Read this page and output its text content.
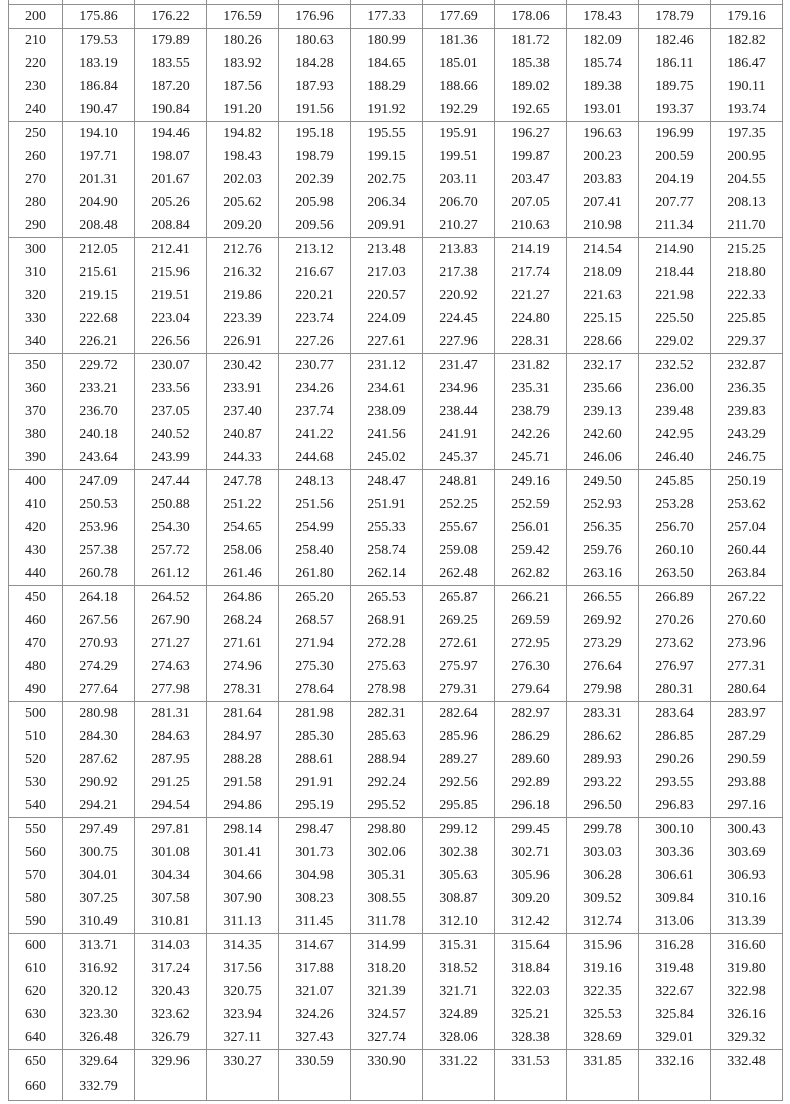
200	175.86	176.22	176.59	176.96	177.33	177.69	178.06	178.43	178.79	179.16
210	179.53	179.89	180.26	180.63	180.99	181.36	181.72	182.09	182.46	182.82
220	183.19	183.55	183.92	184.28	184.65	185.01	185.38	185.74	186.11	186.47
230	186.84	187.20	187.56	187.93	188.29	188.66	189.02	189.38	189.75	190.11
240	190.47	190.84	191.20	191.56	191.92	192.29	192.65	193.01	193.37	193.74
250	194.10	194.46	194.82	195.18	195.55	195.91	196.27	196.63	196.99	197.35
260	197.71	198.07	198.43	198.79	199.15	199.51	199.87	200.23	200.59	200.95
270	201.31	201.67	202.03	202.39	202.75	203.11	203.47	203.83	204.19	204.55
280	204.90	205.26	205.62	205.98	206.34	206.70	207.05	207.41	207.77	208.13
290	208.48	208.84	209.20	209.56	209.91	210.27	210.63	210.98	211.34	211.70
300	212.05	212.41	212.76	213.12	213.48	213.83	214.19	214.54	214.90	215.25
310	215.61	215.96	216.32	216.67	217.03	217.38	217.74	218.09	218.44	218.80
320	219.15	219.51	219.86	220.21	220.57	220.92	221.27	221.63	221.98	222.33
330	222.68	223.04	223.39	223.74	224.09	224.45	224.80	225.15	225.50	225.85
340	226.21	226.56	226.91	227.26	227.61	227.96	228.31	228.66	229.02	229.37
350	229.72	230.07	230.42	230.77	231.12	231.47	231.82	232.17	232.52	232.87
360	233.21	233.56	233.91	234.26	234.61	234.96	235.31	235.66	236.00	236.35
370	236.70	237.05	237.40	237.74	238.09	238.44	238.79	239.13	239.48	239.83
380	240.18	240.52	240.87	241.22	241.56	241.91	242.26	242.60	242.95	243.29
390	243.64	243.99	244.33	244.68	245.02	245.37	245.71	246.06	246.40	246.75
400	247.09	247.44	247.78	248.13	248.47	248.81	249.16	249.50	245.85	250.19
410	250.53	250.88	251.22	251.56	251.91	252.25	252.59	252.93	253.28	253.62
420	253.96	254.30	254.65	254.99	255.33	255.67	256.01	256.35	256.70	257.04
430	257.38	257.72	258.06	258.40	258.74	259.08	259.42	259.76	260.10	260.44
440	260.78	261.12	261.46	261.80	262.14	262.48	262.82	263.16	263.50	263.84
450	264.18	264.52	264.86	265.20	265.53	265.87	266.21	266.55	266.89	267.22
460	267.56	267.90	268.24	268.57	268.91	269.25	269.59	269.92	270.26	270.60
470	270.93	271.27	271.61	271.94	272.28	272.61	272.95	273.29	273.62	273.96
480	274.29	274.63	274.96	275.30	275.63	275.97	276.30	276.64	276.97	277.31
490	277.64	277.98	278.31	278.64	278.98	279.31	279.64	279.98	280.31	280.64
500	280.98	281.31	281.64	281.98	282.31	282.64	282.97	283.31	283.64	283.97
510	284.30	284.63	284.97	285.30	285.63	285.96	286.29	286.62	286.85	287.29
520	287.62	287.95	288.28	288.61	288.94	289.27	289.60	289.93	290.26	290.59
530	290.92	291.25	291.58	291.91	292.24	292.56	292.89	293.22	293.55	293.88
540	294.21	294.54	294.86	295.19	295.52	295.85	296.18	296.50	296.83	297.16
550	297.49	297.81	298.14	298.47	298.80	299.12	299.45	299.78	300.10	300.43
560	300.75	301.08	301.41	301.73	302.06	302.38	302.71	303.03	303.36	303.69
570	304.01	304.34	304.66	304.98	305.31	305.63	305.96	306.28	306.61	306.93
580	307.25	307.58	307.90	308.23	308.55	308.87	309.20	309.52	309.84	310.16
590	310.49	310.81	311.13	311.45	311.78	312.10	312.42	312.74	313.06	313.39
600	313.71	314.03	314.35	314.67	314.99	315.31	315.64	315.96	316.28	316.60
610	316.92	317.24	317.56	317.88	318.20	318.52	318.84	319.16	319.48	319.80
620	320.12	320.43	320.75	321.07	321.39	321.71	322.03	322.35	322.67	322.98
630	323.30	323.62	323.94	324.26	324.57	324.89	325.21	325.53	325.84	326.16
640	326.48	326.79	327.11	327.43	327.74	328.06	328.38	328.69	329.01	329.32
650	329.64	329.96	330.27	330.59	330.90	331.22	331.53	331.85	332.16	332.48
660	332.79									
